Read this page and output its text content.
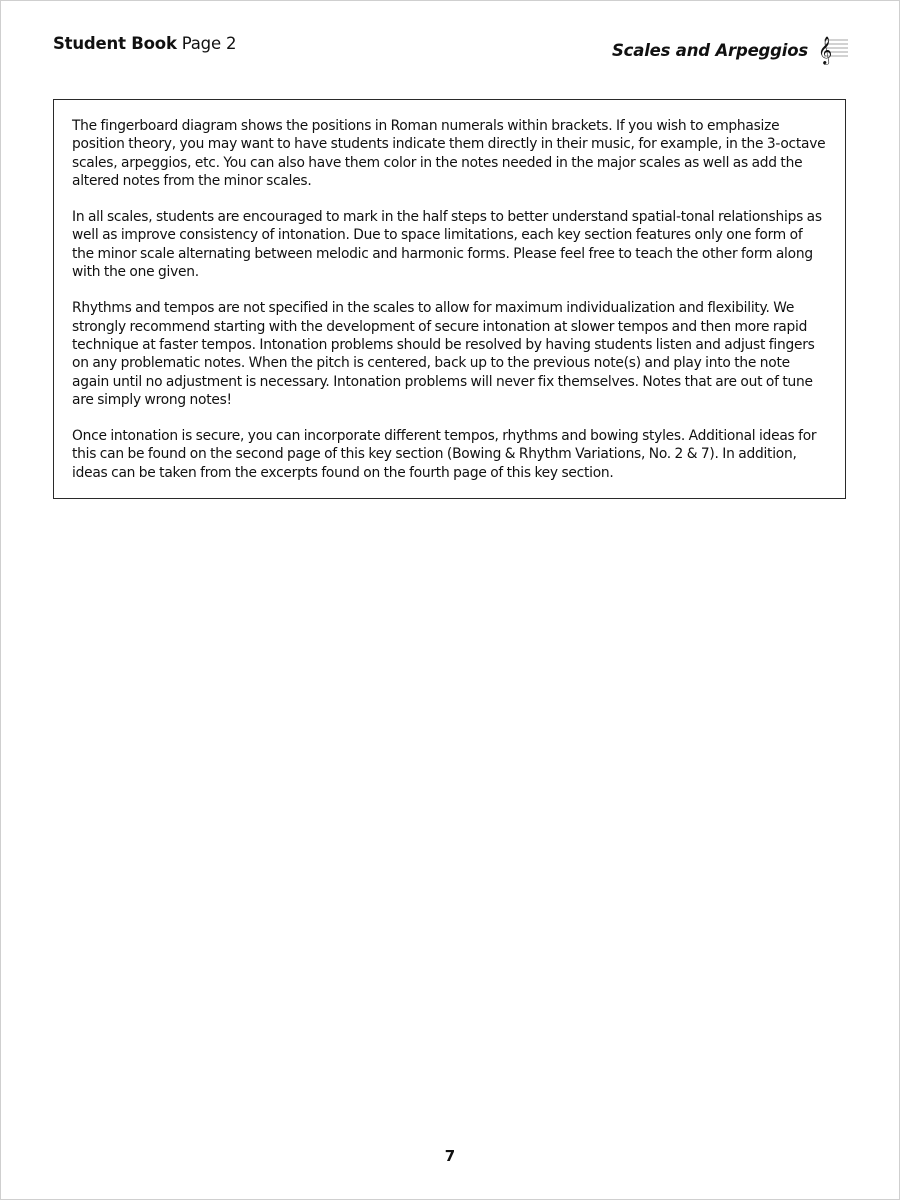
Student Book Page 2	Scales and Arpeggios 𝄞

The fingerboard diagram shows the positions in Roman numerals within brackets. If you wish to emphasize position theory, you may want to have students indicate them directly in their music, for example, in the 3-octave scales, arpeggios, etc. You can also have them color in the notes needed in the major scales as well as add the altered notes from the minor scales.

In all scales, students are encouraged to mark in the half steps to better understand spatial-tonal relationships as well as improve consistency of intonation. Due to space limitations, each key section features only one form of the minor scale alternating between melodic and harmonic forms. Please feel free to teach the other form along with the one given.

Rhythms and tempos are not specified in the scales to allow for maximum individualization and flexibility. We strongly recommend starting with the development of secure intonation at slower tempos and then more rapid technique at faster tempos. Intonation problems should be resolved by having students listen and adjust fingers on any problematic notes. When the pitch is centered, back up to the previous note(s) and play into the note again until no adjustment is necessary. Intonation problems will never fix themselves. Notes that are out of tune are simply wrong notes!

Once intonation is secure, you can incorporate different tempos, rhythms and bowing styles. Additional ideas for this can be found on the second page of this key section (Bowing & Rhythm Variations, No. 2 & 7). In addition, ideas can be taken from the excerpts found on the fourth page of this key section.

7
